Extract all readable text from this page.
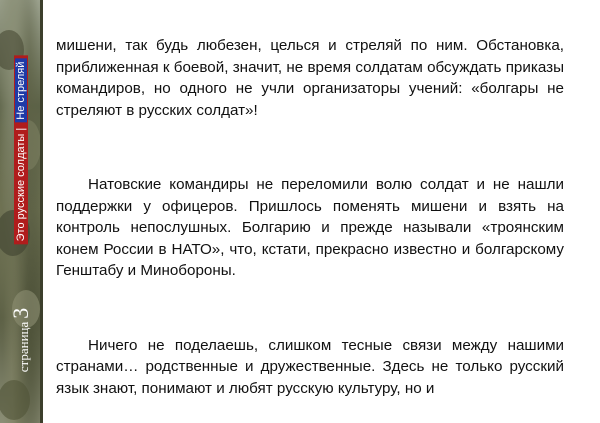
Это русские солдаты | Не стреляй
страница3

мишени, так будь любезен, целься и стреляй по ним. Обстановка, приближенная к боевой, значит, не время солдатам обсуждать приказы командиров, но одного не учли организаторы учений: «болгары не стреляют в русских солдат»!

Натовские командиры не переломили волю солдат и не нашли поддержки у офицеров. Пришлось поменять мишени и взять на контроль непослушных. Болгарию и прежде называли «троянским конем России в НАТО», что, кстати, прекрасно известно и болгарскому Генштабу и Минобороны.

Ничего не поделаешь, слишком тесные связи между нашими странами… родственные и дружественные. Здесь не только русский язык знают, понимают и любят русскую культуру, но и
